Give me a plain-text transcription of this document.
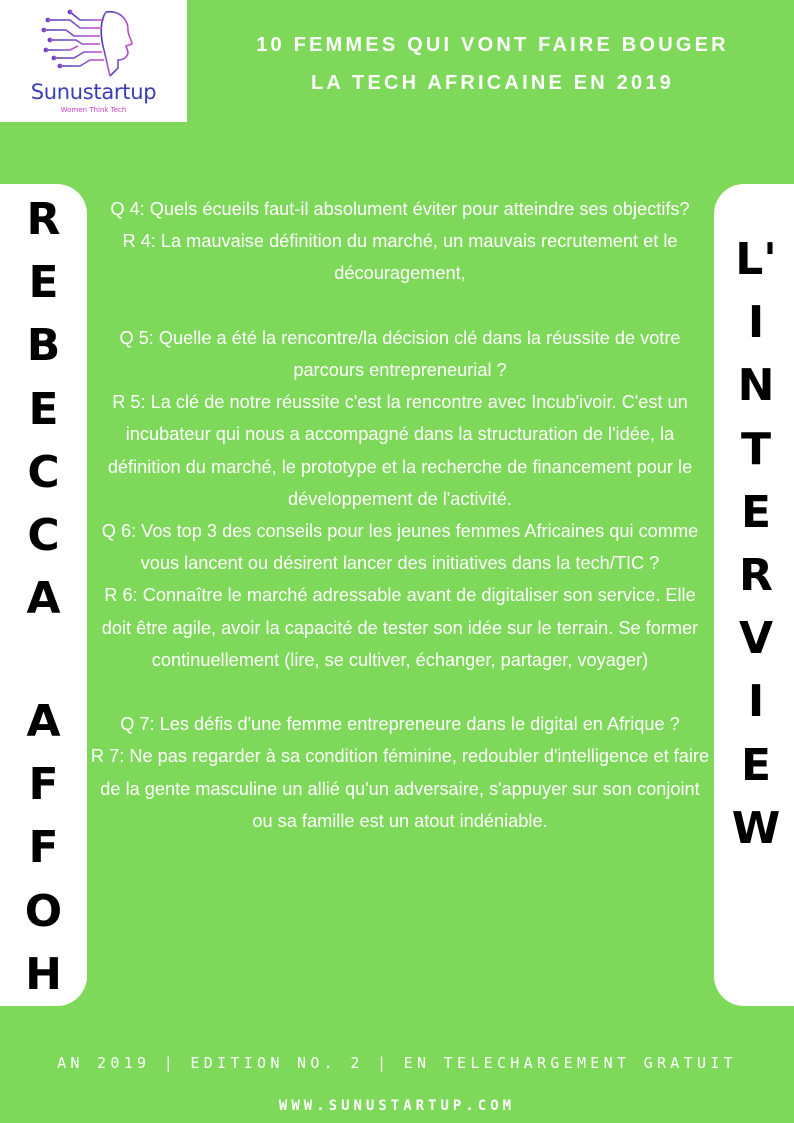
Sunustartup
Women Think Tech
10 FEMMES QUI VONT FAIRE BOUGER
LA TECH AFRICAINE EN 2019
R
E
B
E
C
C
A
A
F
F
O
H
L'
I
N
T
E
R
V
I
E
W

Q 4: Quels écueils faut-il absolument éviter pour atteindre ses objectifs?

R 4: La mauvaise définition du marché, un mauvais recrutement et le découragement,

Q 5: Quelle a été la rencontre/la décision clé dans la réussite de votre parcours entrepreneurial ?

R 5: La clé de notre réussite c'est la rencontre avec Incub'ivoir. C'est un incubateur qui nous a accompagné dans la structuration de l'idée, la définition du marché, le prototype et la recherche de financement pour le développement de l'activité.

Q 6: Vos top 3 des conseils pour les jeunes femmes Africaines qui comme vous lancent ou désirent lancer des initiatives dans la tech/TIC ?

R 6: Connaître le marché adressable avant de digitaliser son service. Elle doit être agile, avoir la capacité de tester son idée sur le terrain. Se former continuellement (lire, se cultiver, échanger, partager, voyager)

Q 7: Les défis d'une femme entrepreneure dans le digital en Afrique ?

R 7: Ne pas regarder à sa condition féminine, redoubler d'intelligence et faire de la gente masculine un allié qu'un adversaire, s'appuyer sur son conjoint ou sa famille est un atout indéniable.

AN 2019 | EDITION NO. 2 | EN TELECHARGEMENT GRATUIT
WWW.SUNUSTARTUP.COM
